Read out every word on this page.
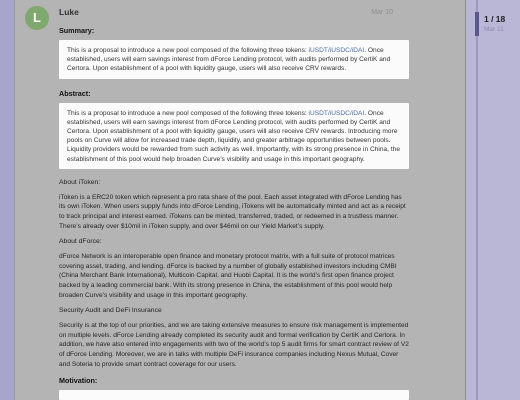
L	Luke	Mar 10
Summary:
This is a proposal to introduce a new pool composed of the following three tokens: iUSDT/iUSDC/iDAI. Once established, users will earn savings interest from dForce Lending protocol, with audits performed by CertiK and Certora. Upon establishment of a pool with liquidity gauge, users will also receive CRV rewards.
Abstract:
This is a proposal to introduce a new pool composed of the following three tokens: iUSDT/iUSDC/iDAI. Once established, users will earn savings interest from dForce Lending protocol, with audits performed by CertiK and Certora. Upon establishment of a pool with liquidity gauge, users will also receive CRV rewards. Introducing more pools on Curve will allow for increased trade depth, liquidity, and greater arbitrage opportunities between pools. Liquidity providers would be rewarded from such activity as well. Importantly, with its strong presence in China, the establishment of this pool would help broaden Curve’s visibility and usage in this important geography.
About iToken:
iToken is a ERC20 token which represent a pro rata share of the pool. Each asset integrated with dForce Lending has its own iToken. When users supply funds into dForce Lending, iTokens will be automatically minted and act as a receipt to track principal and interest earned. iTokens can be minted, transferred, traded, or redeemed in a trustless manner. There’s already over $10mil in iToken supply, and over $46mil on our Yield Market’s supply.
About dForce:
dForce Network is an interoperable open finance and monetary protocol matrix, with a full suite of protocol matrices covering asset, trading, and lending. dForce is backed by a number of globally established investors including CMBI (China Merchant Bank International), Multicoin Capital, and Huobi Capital. It is the world’s first open finance project backed by a leading commercial bank. With its strong presence in China, the establishment of this pool would help broaden Curve’s visibility and usage in this important geography.
Security Audit and DeFi Insurance
Security is at the top of our priorities, and we are taking extensive measures to ensure risk management is implemented on multiple levels. dForce Lending already completed its security audit and formal verification by CertiK and Certora. In addition, we have also entered into engagements with two of the world’s top 5 audit firms for smart contract review of V2 of dForce Lending. Moreover, we are in talks with multiple DeFi insurance companies including Nexus Mutual, Cover and Soteria to provide smart contract coverage for our users.
Motivation:
1 / 18
Mar 11
